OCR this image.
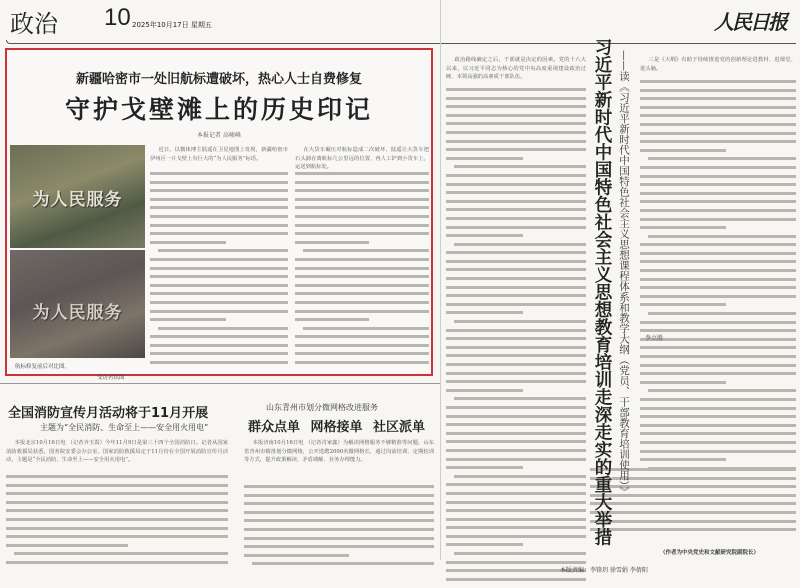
政治 10 2025年10月17日 星期五	人民日报
新疆哈密市一处旧航标遭破坏，热心人士自费修复
守护戈壁滩上的历史印记
本报记者 高峻峰
为人民服务
为人民服务
航标修复前后对比图。
受访者供图
近日，以微体博主陆遥在卫星地图上发现，新疆哈密市伊州区一片戈壁上有巨大的“为人民服务”标语。
在大货车碾压对航标造成二次破坏，陆遥让大货车把石头卸在离航标几公里远的位置，再人工铲到小货车上，运送到航标处。
全国消防宣传月活动将于11月开展
主题为“全民消防、生命至上——安全用火用电”
本报北京10月16日电 （记者齐玉霞）今年11月9日是第三十四个全国消防日。记者从国家消防救援局获悉，国务院安委会办公室、国家消防救援局定于11月份在全国开展消防宣传月活动，主题是“全民消防、生命至上——安全用火用电”。
山东青州市划分微网格改进服务
群众点单 网格接单 社区派单
本报济南10月16日电 （记者肖家鑫）为解决网格服务不够精准等问题，山东省青州市精准划分微网格，公开选聘2000名微网格长，通过岗前培训、定期轮训等方式，提升政策解读、矛盾调解、业务办理能力。
政治路线确定之后，干部就是决定的因素。党的十八大以来，以习近平同志为核心的党中央高度重视建设政治过硬、本领高强的高素质干部队伍。
三是《大纲》有助于持续推进党的创新理论进教材、进课堂、进头脑。
李立胜
习近平新时代中国特色社会主义思想教育培训走深走实的重大举措 ——读《习近平新时代中国特色社会主义思想课程体系和教学大纲（党员、干部教育培训使用）》
（作者为中央党史和文献研究院副院长）
本版责编：李锋玥 徐雪娟 李倩阳
